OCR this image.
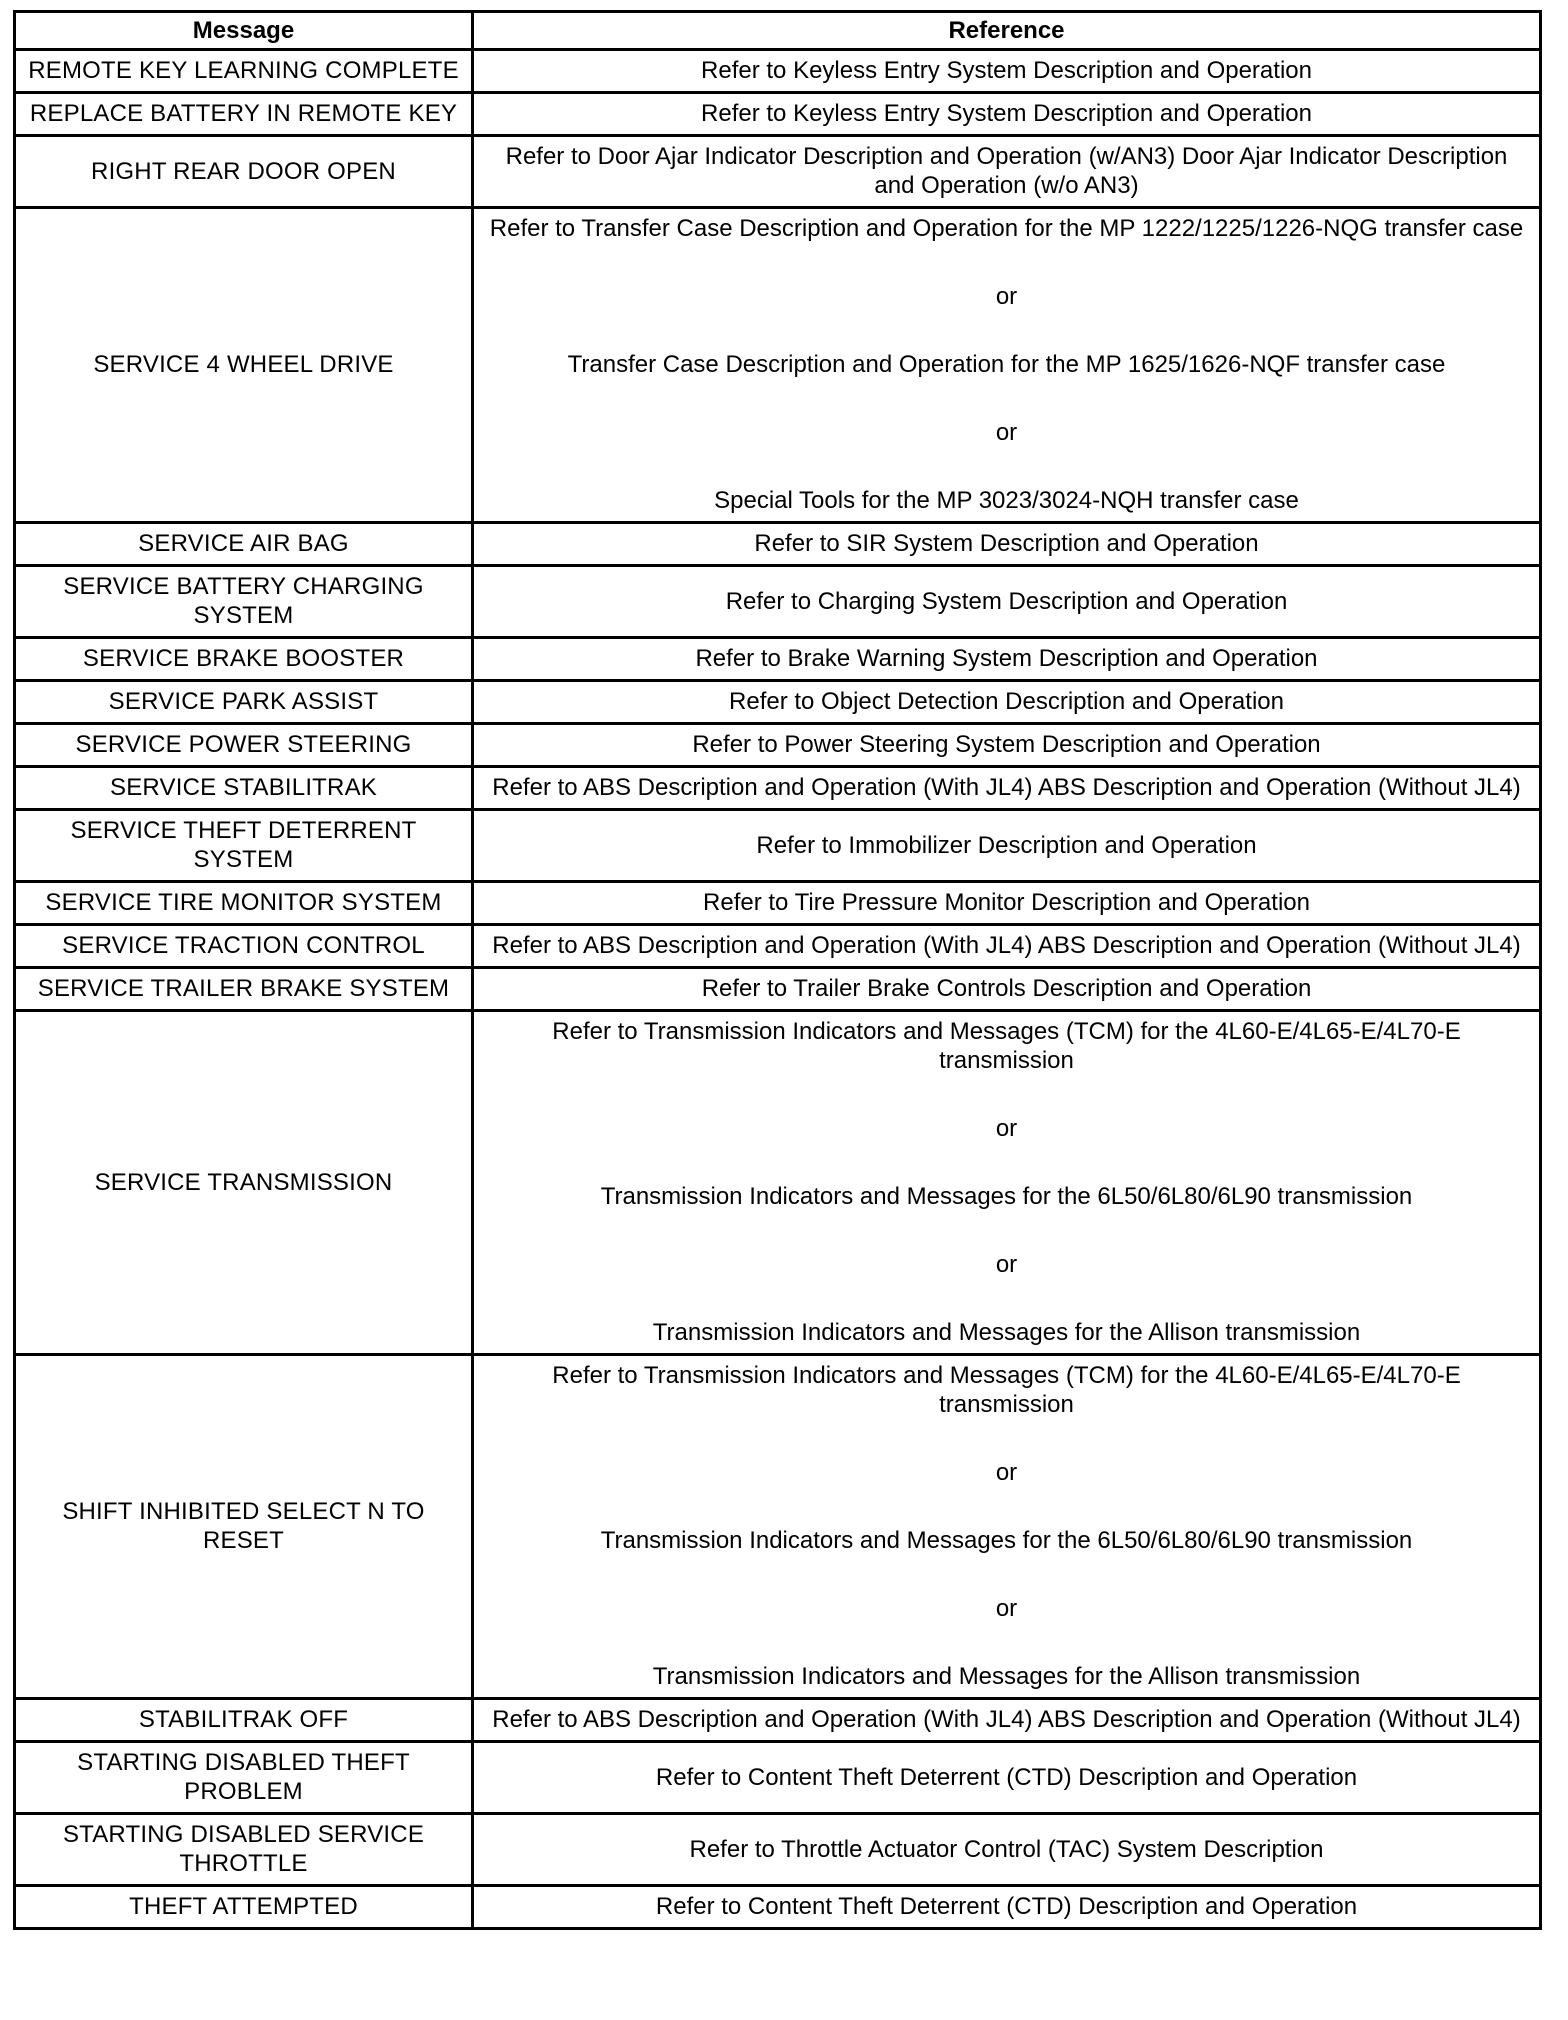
Message	Reference
REMOTE KEY LEARNING COMPLETE	Refer to Keyless Entry System Description and Operation

REPLACE BATTERY IN REMOTE KEY	Refer to Keyless Entry System Description and Operation

RIGHT REAR DOOR OPEN	Refer to Door Ajar Indicator Description and Operation (w/AN3) Door Ajar Indicator Description and Operation (w/o AN3)

SERVICE 4 WHEEL DRIVE	Refer to Transfer Case Description and Operation for the MP 1222/1225/1226-NQG transfer case
or
Transfer Case Description and Operation for the MP 1625/1626-NQF transfer case
or
Special Tools for the MP 3023/3024-NQH transfer case

SERVICE AIR BAG	Refer to SIR System Description and Operation

SERVICE BATTERY CHARGING SYSTEM	Refer to Charging System Description and Operation

SERVICE BRAKE BOOSTER	Refer to Brake Warning System Description and Operation

SERVICE PARK ASSIST	Refer to Object Detection Description and Operation

SERVICE POWER STEERING	Refer to Power Steering System Description and Operation

SERVICE STABILITRAK	Refer to ABS Description and Operation (With JL4) ABS Description and Operation (Without JL4)

SERVICE THEFT DETERRENT SYSTEM	Refer to Immobilizer Description and Operation

SERVICE TIRE MONITOR SYSTEM	Refer to Tire Pressure Monitor Description and Operation

SERVICE TRACTION CONTROL	Refer to ABS Description and Operation (With JL4) ABS Description and Operation (Without JL4)

SERVICE TRAILER BRAKE SYSTEM	Refer to Trailer Brake Controls Description and Operation

SERVICE TRANSMISSION	Refer to Transmission Indicators and Messages (TCM) for the 4L60-E/4L65-E/4L70-E transmission
or
Transmission Indicators and Messages for the 6L50/6L80/6L90 transmission
or
Transmission Indicators and Messages for the Allison transmission

SHIFT INHIBITED SELECT N TO RESET	Refer to Transmission Indicators and Messages (TCM) for the 4L60-E/4L65-E/4L70-E transmission
or
Transmission Indicators and Messages for the 6L50/6L80/6L90 transmission
or
Transmission Indicators and Messages for the Allison transmission

STABILITRAK OFF	Refer to ABS Description and Operation (With JL4) ABS Description and Operation (Without JL4)

STARTING DISABLED THEFT PROBLEM	Refer to Content Theft Deterrent (CTD) Description and Operation

STARTING DISABLED SERVICE THROTTLE	Refer to Throttle Actuator Control (TAC) System Description

THEFT ATTEMPTED	Refer to Content Theft Deterrent (CTD) Description and Operation
